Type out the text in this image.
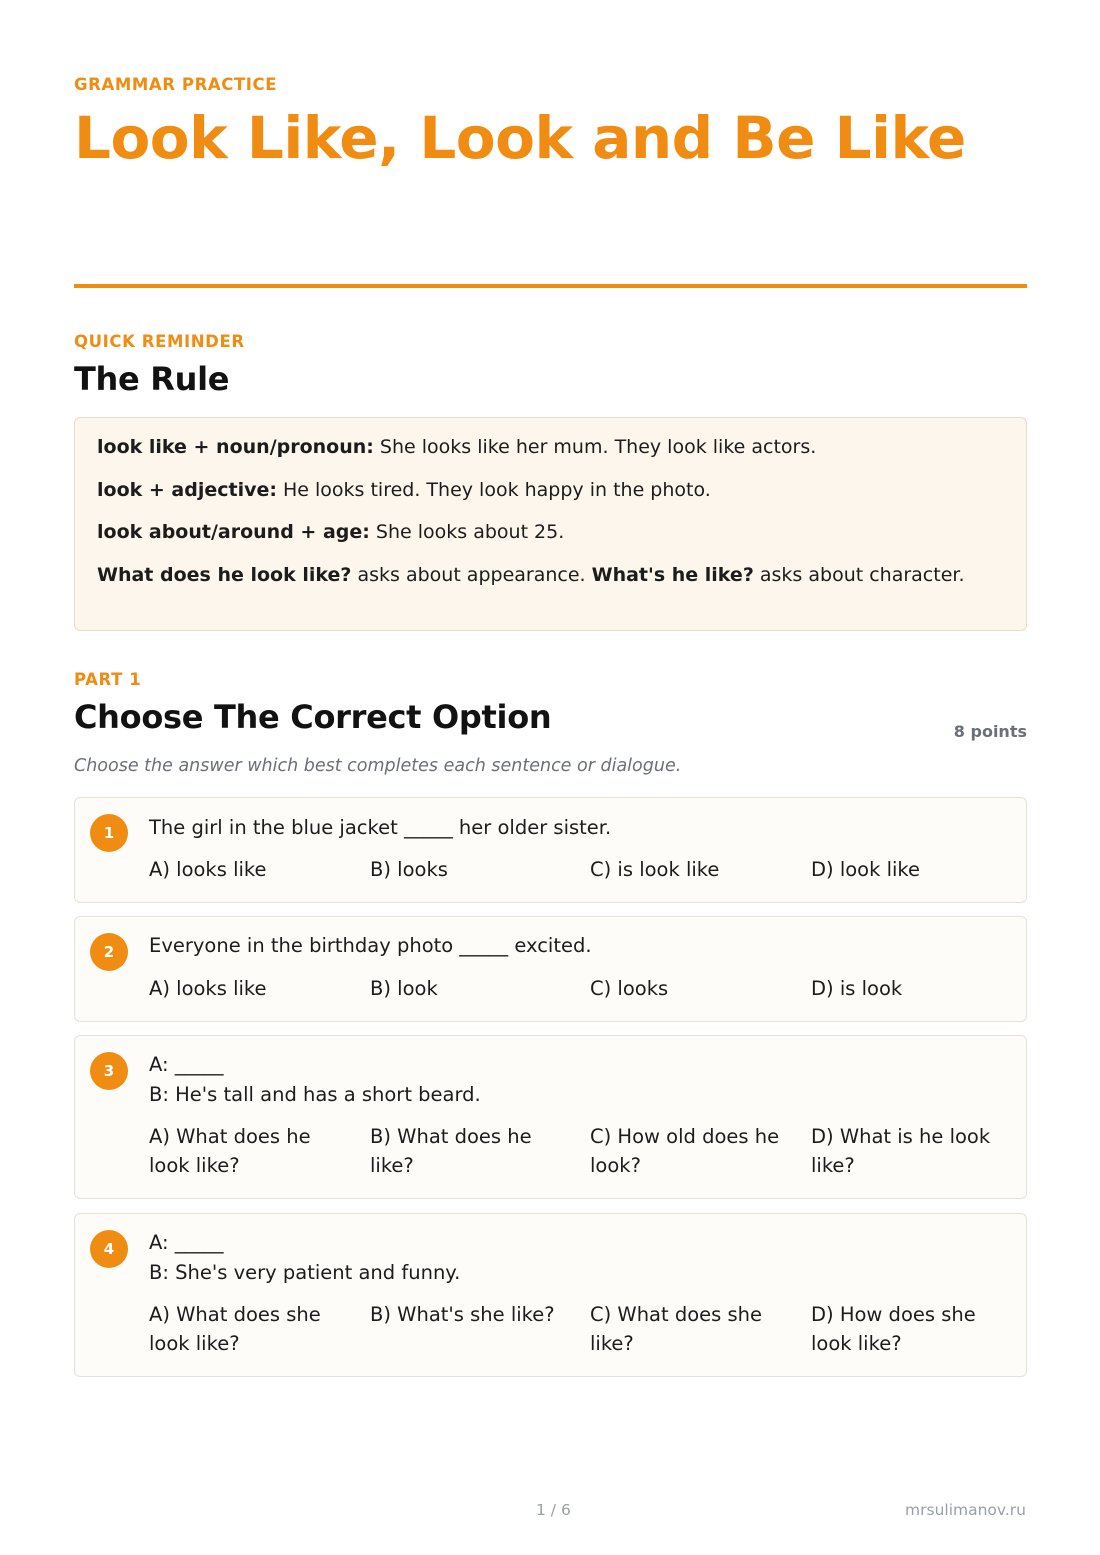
GRAMMAR PRACTICE
Look Like, Look and Be Like
QUICK REMINDER
The Rule

look like + noun/pronoun: She looks like her mum. They look like actors.

look + adjective: He looks tired. They look happy in the photo.

look about/around + age: She looks about 25.

What does he look like? asks about appearance. What's he like? asks about character.

PART 1
Choose The Correct Option	8 points
Choose the answer which best completes each sentence or dialogue.
1	The girl in the blue jacket _____ her older sister.
A) looks like	B) looks	C) is look like	D) look like
2	Everyone in the birthday photo _____ excited.
A) looks like	B) look	C) looks	D) is look
3	A: _____
B: He's tall and has a short beard.
A) What does he look like?
B) What does he like?
C) How old does he look?
D) What is he look like?
4	A: _____
B: She's very patient and funny.
A) What does she look like?
B) What's she like?	C) What does she like?
D) How does she look like?
1 / 6	mrsulimanov.ru
